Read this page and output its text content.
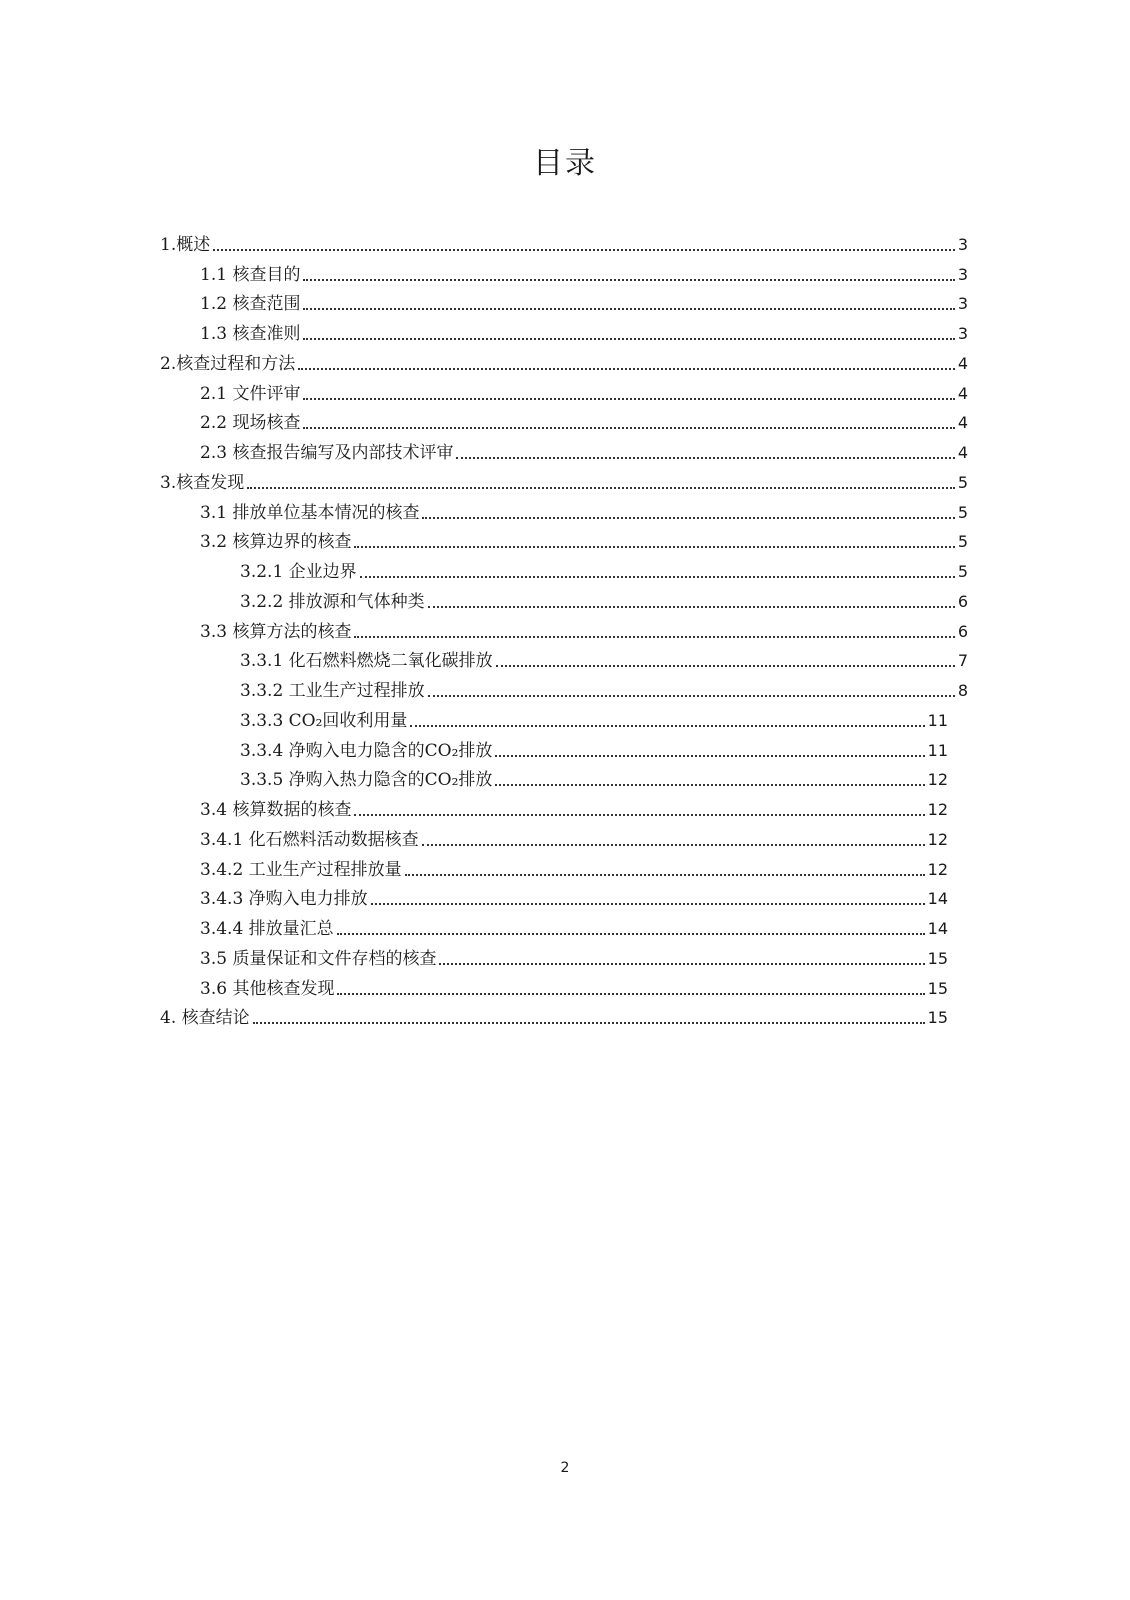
目录
1.概述	3
1.1 核查目的	3
1.2 核查范围	3
1.3 核查准则	3
2.核查过程和方法	4
2.1 文件评审	4
2.2 现场核查	4
2.3 核查报告编写及内部技术评审	4
3.核查发现	5
3.1 排放单位基本情况的核查	5
3.2 核算边界的核查	5
3.2.1 企业边界	5
3.2.2 排放源和气体种类	6
3.3 核算方法的核查	6
3.3.1 化石燃料燃烧二氧化碳排放	7
3.3.2 工业生产过程排放	8
3.3.3 CO₂回收利用量	11
3.3.4 净购入电力隐含的CO₂排放	11
3.3.5 净购入热力隐含的CO₂排放	12
3.4 核算数据的核查	12
3.4.1 化石燃料活动数据核查	12
3.4.2 工业生产过程排放量	12
3.4.3 净购入电力排放	14
3.4.4 排放量汇总	14
3.5 质量保证和文件存档的核查	15
3.6 其他核查发现	15
4. 核查结论	15
2
